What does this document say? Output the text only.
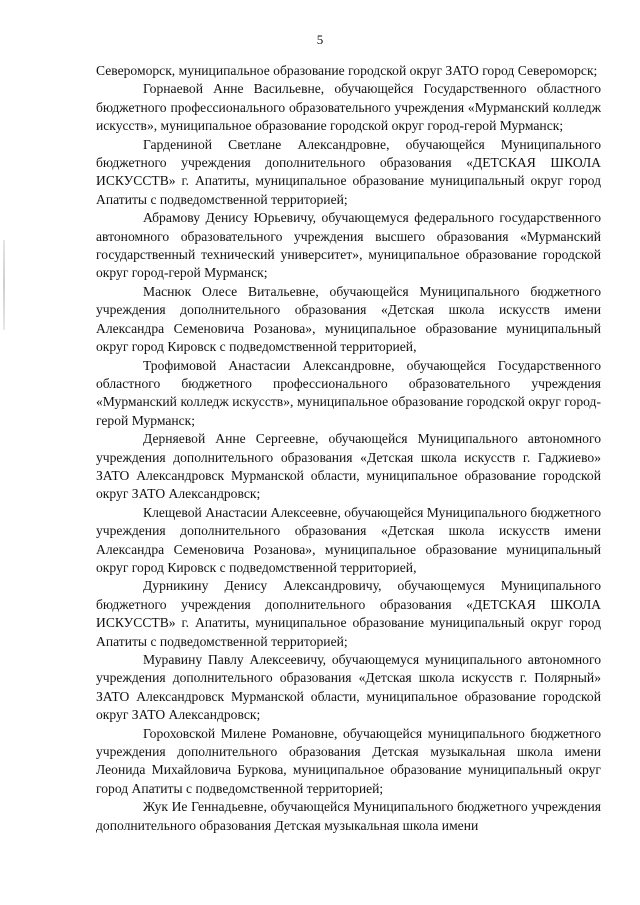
5

Североморск, муниципальное образование городской округ ЗАТО город Североморск;

Горнаевой Анне Васильевне, обучающейся Государственного областного бюджетного профессионального образовательного учреждения «Мурманский колледж искусств», муниципальное образование городской округ город-герой Мурманск;

Гардениной Светлане Александровне, обучающейся Муниципального бюджетного учреждения дополнительного образования «ДЕТСКАЯ ШКОЛА ИСКУССТВ» г. Апатиты, муниципальное образование муниципальный округ город Апатиты с подведомственной территорией;

Абрамову Денису Юрьевичу, обучающемуся федерального государственного автономного образовательного учреждения высшего образования «Мурманский государственный технический университет», муниципальное образование городской округ город-герой Мурманск;

Маснюк Олесе Витальевне, обучающейся Муниципального бюджетного учреждения дополнительного образования «Детская школа искусств имени Александра Семеновича Розанова», муниципальное образование муниципальный округ город Кировск с подведомственной территорией,

Трофимовой Анастасии Александровне, обучающейся Государственного областного бюджетного профессионального образовательного учреждения «Мурманский колледж искусств», муниципальное образование городской округ город-герой Мурманск;

Дерняевой Анне Сергеевне, обучающейся Муниципального автономного учреждения дополнительного образования «Детская школа искусств г. Гаджиево» ЗАТО Александровск Мурманской области, муниципальное образование городской округ ЗАТО Александровск;

Клещевой Анастасии Алексеевне, обучающейся Муниципального бюджетного учреждения дополнительного образования «Детская школа искусств имени Александра Семеновича Розанова», муниципальное образование муниципальный округ город Кировск с подведомственной территорией,

Дурникину Денису Александровичу, обучающемуся Муниципального бюджетного учреждения дополнительного образования «ДЕТСКАЯ ШКОЛА ИСКУССТВ» г. Апатиты, муниципальное образование муниципальный округ город Апатиты с подведомственной территорией;

Муравину Павлу Алексеевичу, обучающемуся муниципального автономного учреждения дополнительного образования «Детская школа искусств г. Полярный» ЗАТО Александровск Мурманской области, муниципальное образование городской округ ЗАТО Александровск;

Гороховской Милене Романовне, обучающейся муниципального бюджетного учреждения дополнительного образования Детская музыкальная школа имени Леонида Михайловича Буркова, муниципальное образование муниципальный округ город Апатиты с подведомственной территорией;

Жук Ие Геннадьевне, обучающейся Муниципального бюджетного учреждения дополнительного образования Детская музыкальная школа имени
